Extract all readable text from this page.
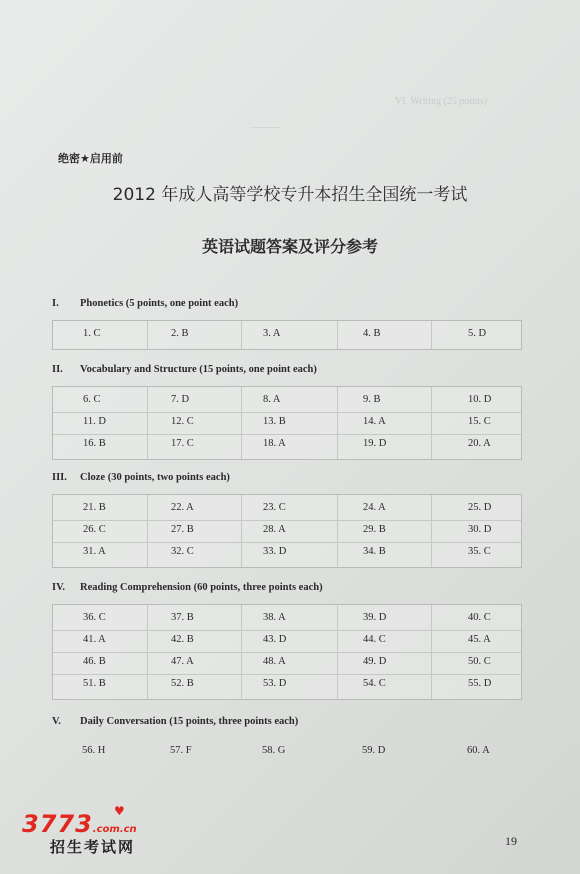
VI. Writing (25 points)
———
绝密★启用前
2012 年成人高等学校专升本招生全国统一考试
英语试题答案及评分参考
I. Phonetics (5 points, one point each)
1. C	2. B	3. A	4. B	5. D
II. Vocabulary and Structure (15 points, one point each)
6. C	7. D	8. A	9. B	10. D
11. D	12. C	13. B	14. A	15. C
16. B	17. C	18. A	19. D	20. A
III. Cloze (30 points, two points each)
21. B	22. A	23. C	24. A	25. D
26. C	27. B	28. A	29. B	30. D
31. A	32. C	33. D	34. B	35. C
IV. Reading Comprehension (60 points, three points each)
36. C	37. B	38. A	39. D	40. C
41. A	42. B	43. D	44. C	45. A
46. B	47. A	48. A	49. D	50. C
51. B	52. B	53. D	54. C	55. D
V. Daily Conversation (15 points, three points each)
56. H	57. F	58. G	59. D	60. A
19
3773.com.cn
♥
招生考试网
